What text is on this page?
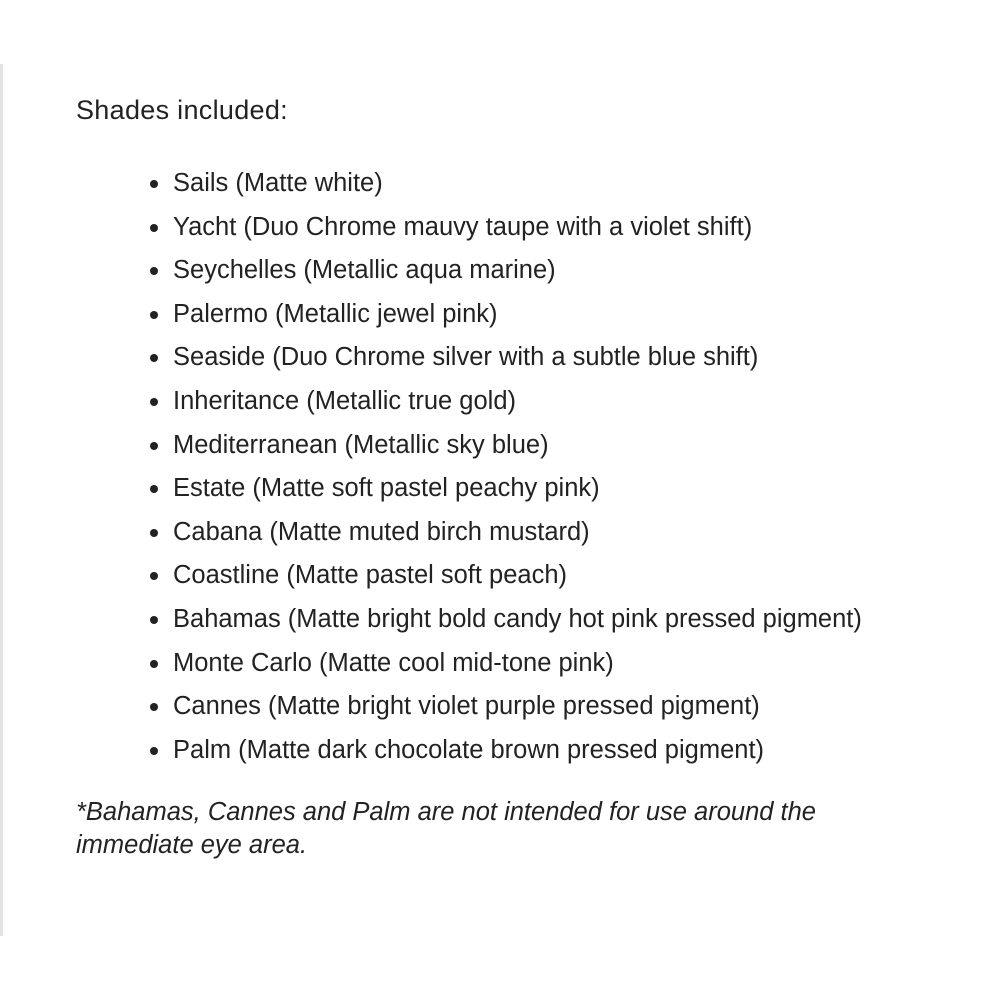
Shades included:

Sails (Matte white)
Yacht (Duo Chrome mauvy taupe with a violet shift)
Seychelles (Metallic aqua marine)
Palermo (Metallic jewel pink)
Seaside (Duo Chrome silver with a subtle blue shift)
Inheritance (Metallic true gold)
Mediterranean (Metallic sky blue)
Estate (Matte soft pastel peachy pink)
Cabana (Matte muted birch mustard)
Coastline (Matte pastel soft peach)
Bahamas (Matte bright bold candy hot pink pressed pigment)
Monte Carlo (Matte cool mid-tone pink)
Cannes (Matte bright violet purple pressed pigment)
Palm (Matte dark chocolate brown pressed pigment)

*Bahamas, Cannes and Palm are not intended for use around the immediate eye area.
